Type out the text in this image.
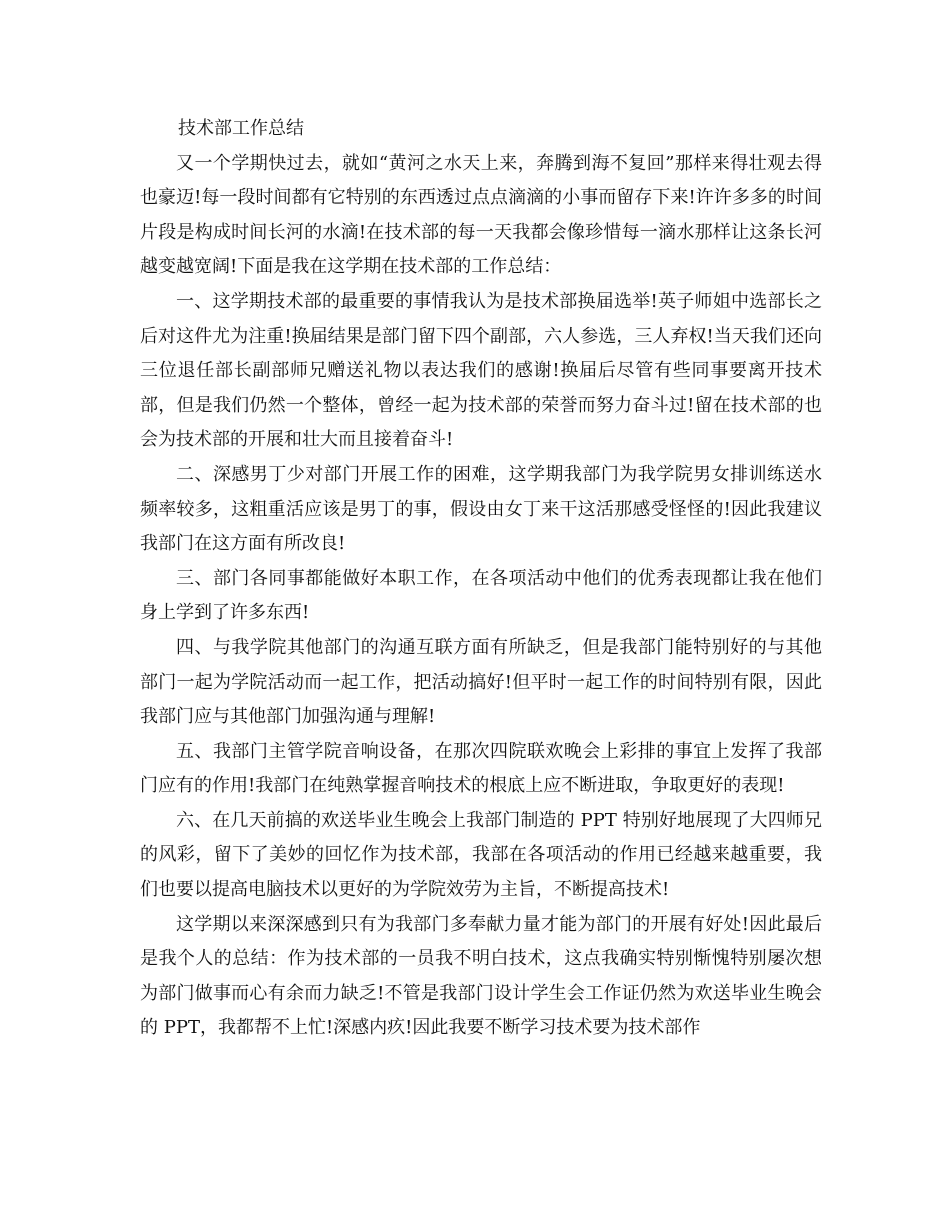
技术部工作总结

又一个学期快过去，就如“黄河之水天上来，奔腾到海不复回”那样来得壮观去得也豪迈!每一段时间都有它特别的东西透过点点滴滴的小事而留存下来!许许多多的时间片段是构成时间长河的水滴!在技术部的每一天我都会像珍惜每一滴水那样让这条长河越变越宽阔!下面是我在这学期在技术部的工作总结：

一、这学期技术部的最重要的事情我认为是技术部换届选举!英子师姐中选部长之后对这件尤为注重!换届结果是部门留下四个副部，六人参选，三人弃权!当天我们还向三位退任部长副部师兄赠送礼物以表达我们的感谢!换届后尽管有些同事要离开技术部，但是我们仍然一个整体，曾经一起为技术部的荣誉而努力奋斗过!留在技术部的也会为技术部的开展和壮大而且接着奋斗!

二、深感男丁少对部门开展工作的困难，这学期我部门为我学院男女排训练送水频率较多，这粗重活应该是男丁的事，假设由女丁来干这活那感受怪怪的!因此我建议我部门在这方面有所改良!

三、部门各同事都能做好本职工作，在各项活动中他们的优秀表现都让我在他们身上学到了许多东西!

四、与我学院其他部门的沟通互联方面有所缺乏，但是我部门能特别好的与其他部门一起为学院活动而一起工作，把活动搞好!但平时一起工作的时间特别有限，因此我部门应与其他部门加强沟通与理解!

五、我部门主管学院音响设备，在那次四院联欢晚会上彩排的事宜上发挥了我部门应有的作用!我部门在纯熟掌握音响技术的根底上应不断进取，争取更好的表现!

六、在几天前搞的欢送毕业生晚会上我部门制造的 PPT 特别好地展现了大四师兄的风彩，留下了美妙的回忆作为技术部，我部在各项活动的作用已经越来越重要，我们也要以提高电脑技术以更好的为学院效劳为主旨，不断提高技术!

这学期以来深深感到只有为我部门多奉献力量才能为部门的开展有好处!因此最后是我个人的总结：作为技术部的一员我不明白技术，这点我确实特别惭愧特别屡次想为部门做事而心有余而力缺乏!不管是我部门设计学生会工作证仍然为欢送毕业生晚会的 PPT，我都帮不上忙!深感内疚!因此我要不断学习技术要为技术部作
